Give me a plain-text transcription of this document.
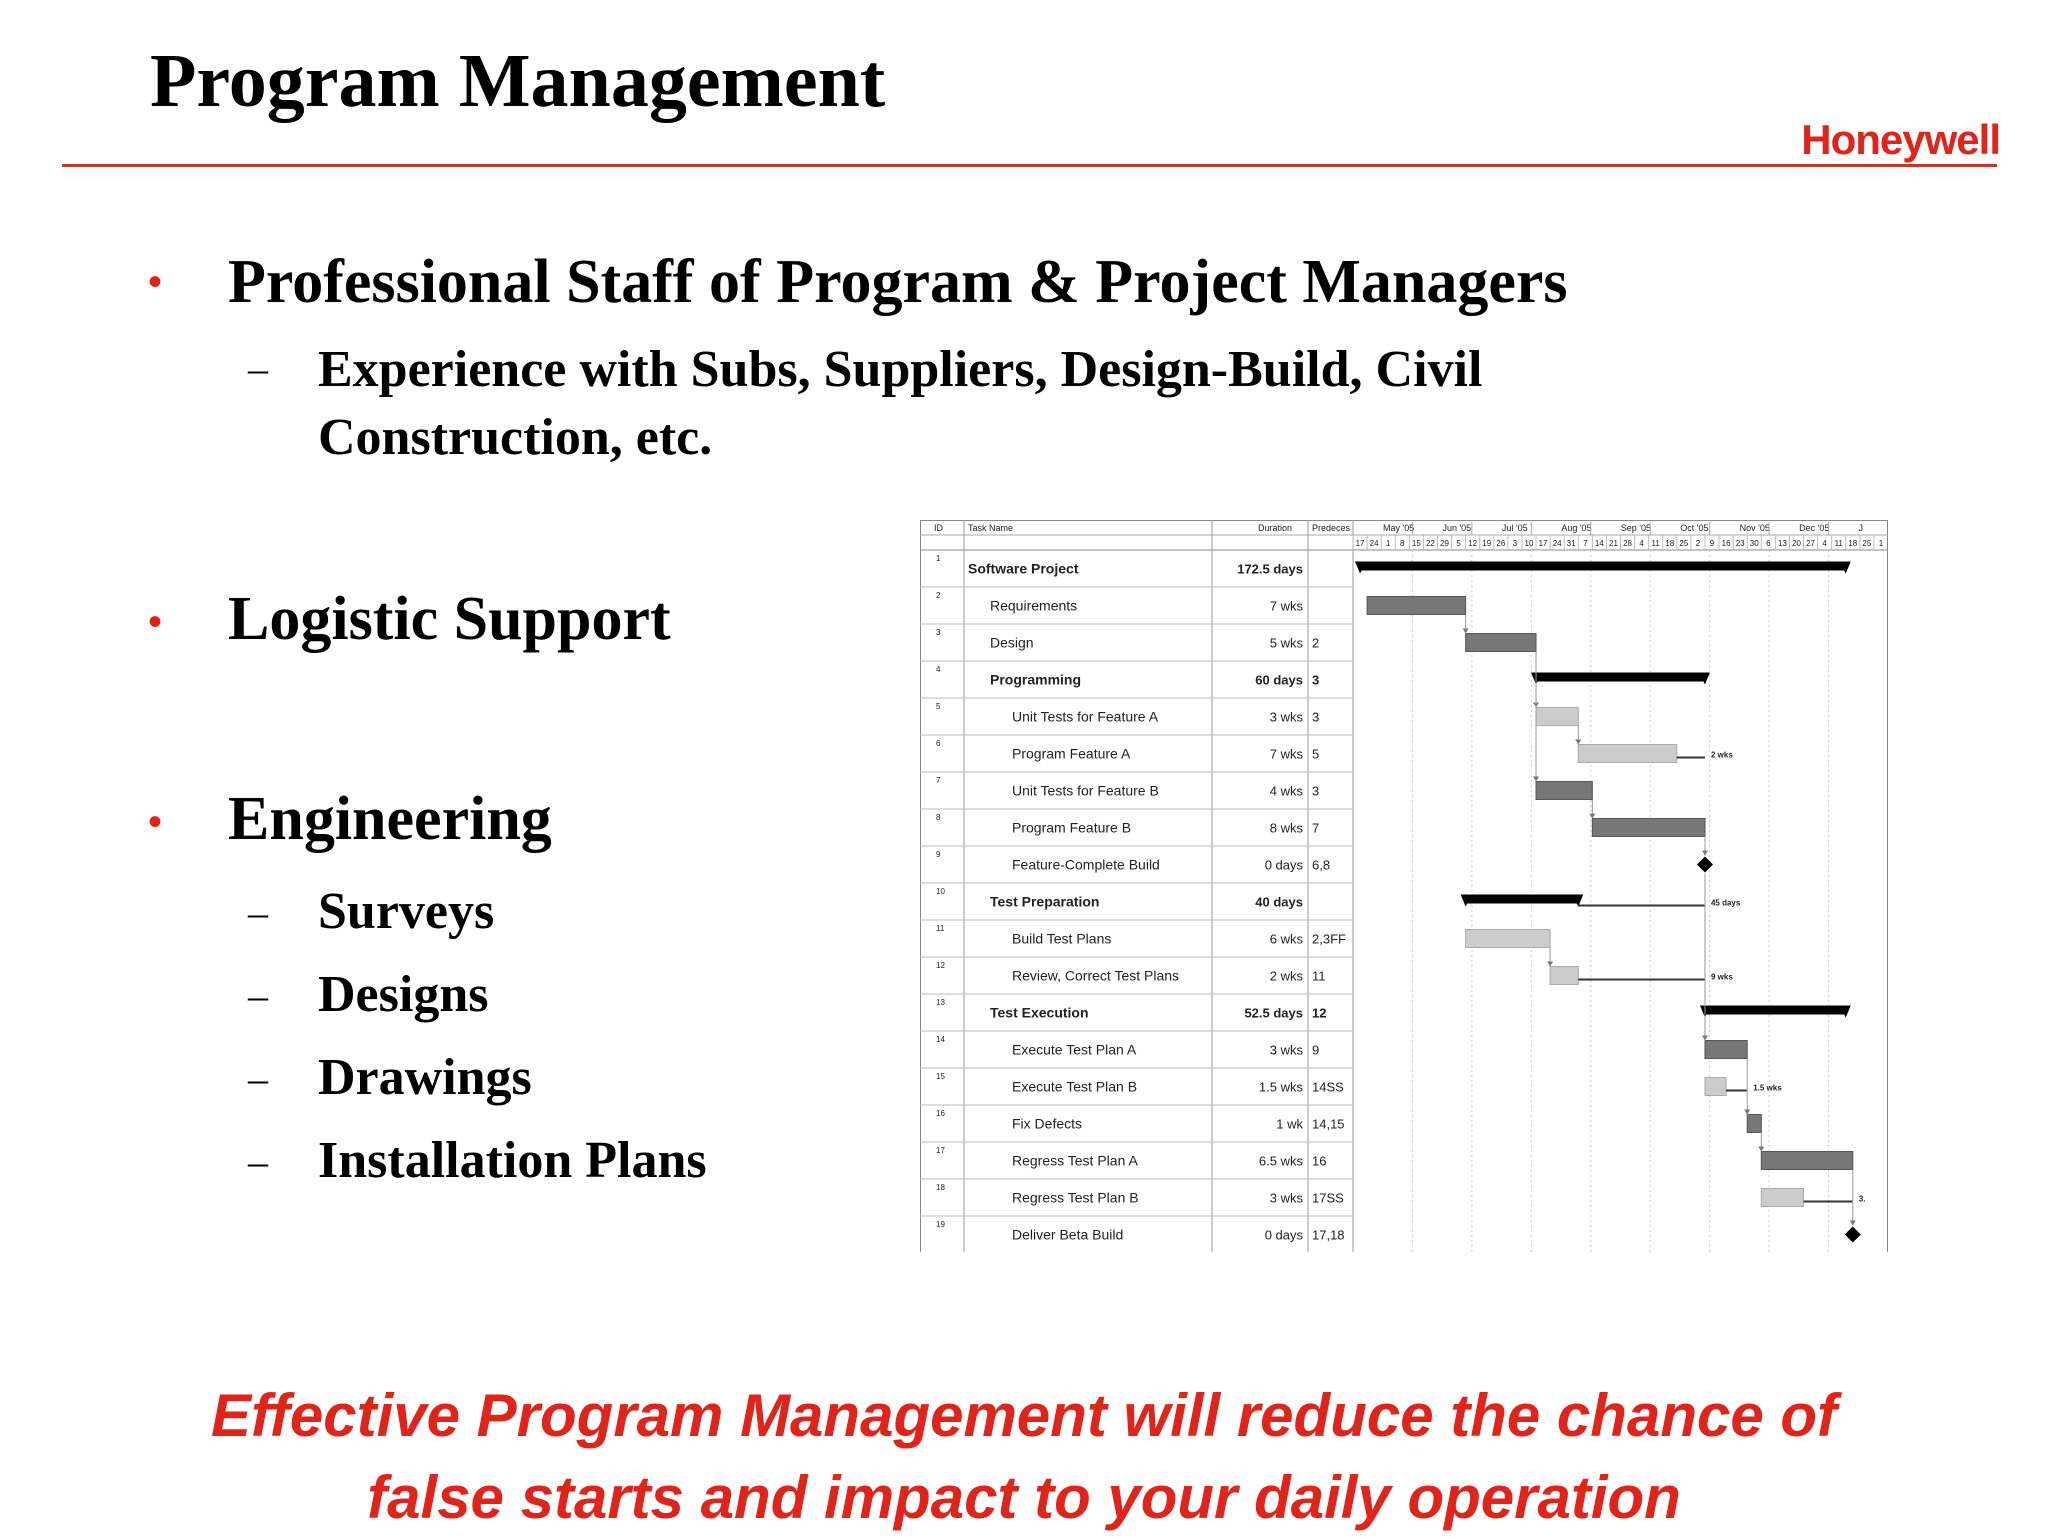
Program Management
Honeywell
• Professional Staff of Program & Project Managers
– Experience with Subs, Suppliers, Design-Build, Civil
Construction, etc.
• Logistic Support
• Engineering
– Surveys
– Designs
– Drawings
– Installation Plans
ID	Task Name	Duration Predeces	May '05	Jun '05	Jul '05	Aug '05	Sep '05	Oct '05	Nov '05	Dec '05	J
17 24 1 8 15 22 29 5 12 19 26 3 10 17 24 31 7 14 21 28 4 11 18 25 2 9 16 23 30 6 13 20 27 4 11 18 25 1
1
Software Project	172.5 days
2
Requirements	7 wks
3
Design	5 wks 2
4
Programming	60 days 3
5
Unit Tests for Feature A	3 wks 3
6
Program Feature A	7 wks 5	2 wks
7
Unit Tests for Feature B	4 wks 3
8
Program Feature B	8 wks 7
9
Feature-Complete Build	0 days 6,8
10
Test Preparation	40 days	45 days
11
Build Test Plans	6 wks 2,3FF
12
Review, Correct Test Plans	2 wks 11	9 wks
13
Test Execution	52.5 days 12
14
Execute Test Plan A	3 wks 9
15
Execute Test Plan B	1.5 wks 14SS	1.5 wks
16
Fix Defects	1 wk 14,15
17
Regress Test Plan A	6.5 wks 16
18
Regress Test Plan B	3 wks 17SS	3.
19
Deliver Beta Build	0 days 17,18
Effective Program Management will reduce the chance of
false starts and impact to your daily operation
